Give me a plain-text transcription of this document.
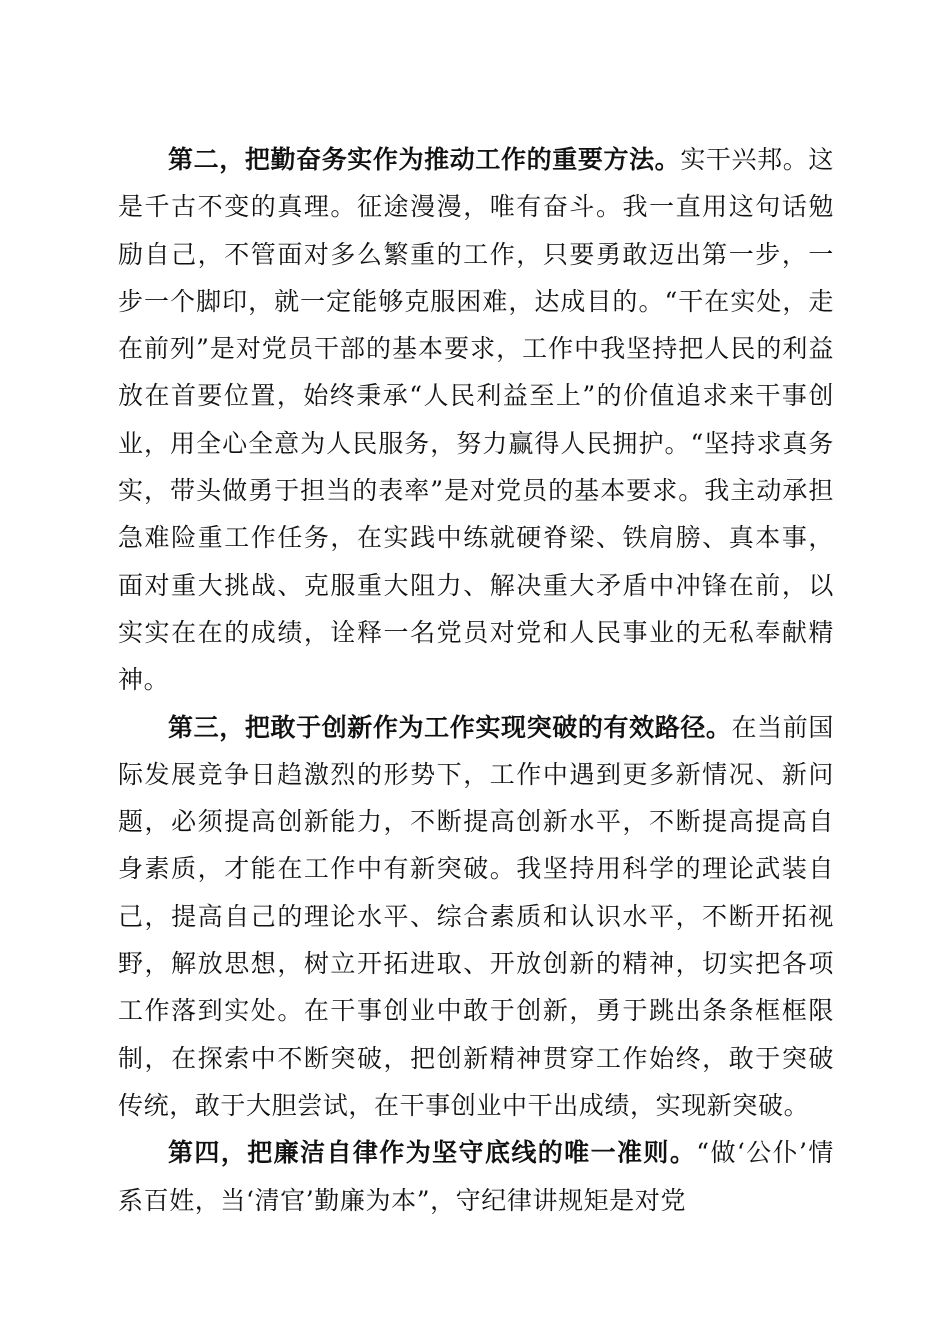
第二，把勤奋务实作为推动工作的重要方法。实干兴邦。这是千古不变的真理。征途漫漫，唯有奋斗。我一直用这句话勉励自己，不管面对多么繁重的工作，只要勇敢迈出第一步，一步一个脚印，就一定能够克服困难，达成目的。“干在实处，走在前列”是对党员干部的基本要求，工作中我坚持把人民的利益放在首要位置，始终秉承“人民利益至上”的价值追求来干事创业，用全心全意为人民服务，努力赢得人民拥护。“坚持求真务实，带头做勇于担当的表率”是对党员的基本要求。我主动承担急难险重工作任务，在实践中练就硬脊梁、铁肩膀、真本事，面对重大挑战、克服重大阻力、解决重大矛盾中冲锋在前，以实实在在的成绩，诠释一名党员对党和人民事业的无私奉献精神。

第三，把敢于创新作为工作实现突破的有效路径。在当前国际发展竞争日趋激烈的形势下，工作中遇到更多新情况、新问题，必须提高创新能力，不断提高创新水平，不断提高提高自身素质，才能在工作中有新突破。我坚持用科学的理论武装自己，提高自己的理论水平、综合素质和认识水平，不断开拓视野，解放思想，树立开拓进取、开放创新的精神，切实把各项工作落到实处。在干事创业中敢于创新，勇于跳出条条框框限制，在探索中不断突破，把创新精神贯穿工作始终，敢于突破传统，敢于大胆尝试，在干事创业中干出成绩，实现新突破。

第四，把廉洁自律作为坚守底线的唯一准则。“做‘公仆’情系百姓，当‘清官’勤廉为本”，守纪律讲规矩是对党
